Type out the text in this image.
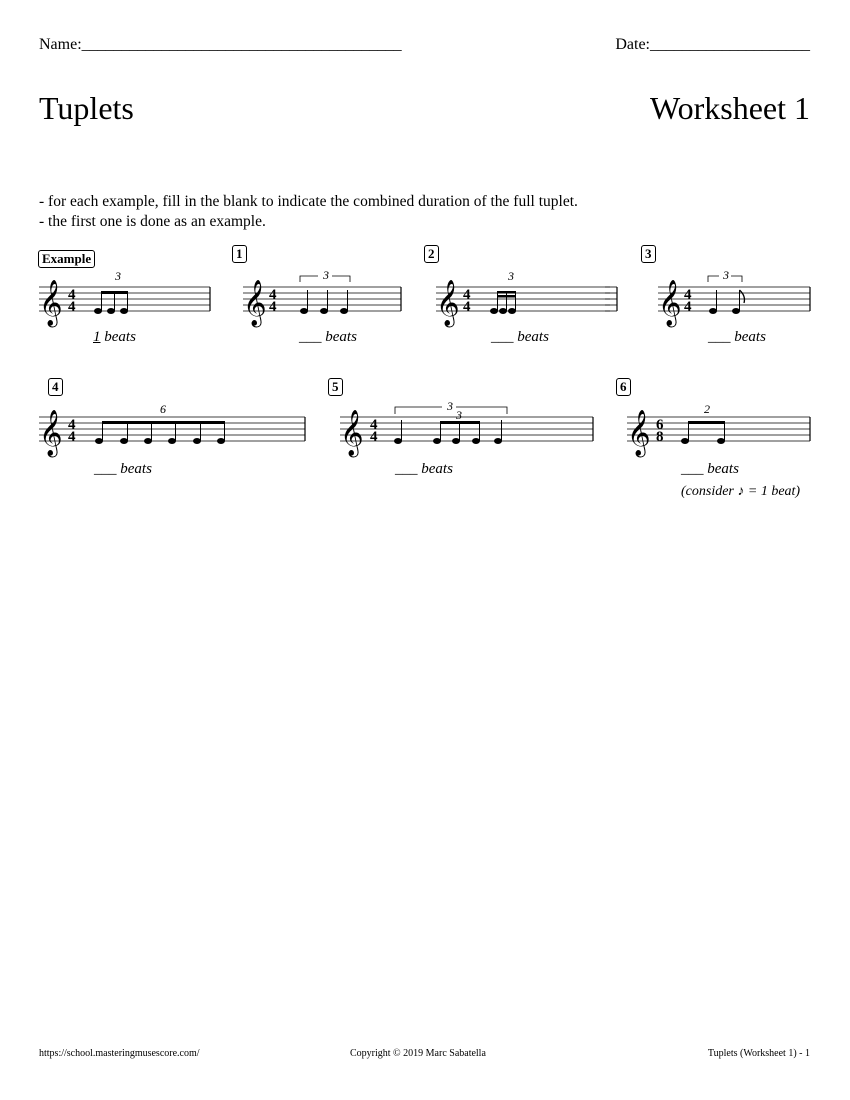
Name:________________________________________	Date:____________________
Tuplets	Worksheet 1
- for each example, fill in the blank to indicate the combined duration of the full tuplet.
- the first one is done as an example.
Example	1	2	3
4	5	6
𝄞	𝄞	𝄞	𝄞
4
4
4
4
4
4
4
4
3	3	3	3
𝄞	𝄞	𝄞
4
4
4
4
6
8
6	3
3	2
1 beats	___ beats	___ beats	___ beats
___ beats	___ beats	___ beats
(consider ♪ = 1 beat)
https://school.masteringmusescore.com/	Copyright © 2019 Marc Sabatella	Tuplets (Worksheet 1) - 1
